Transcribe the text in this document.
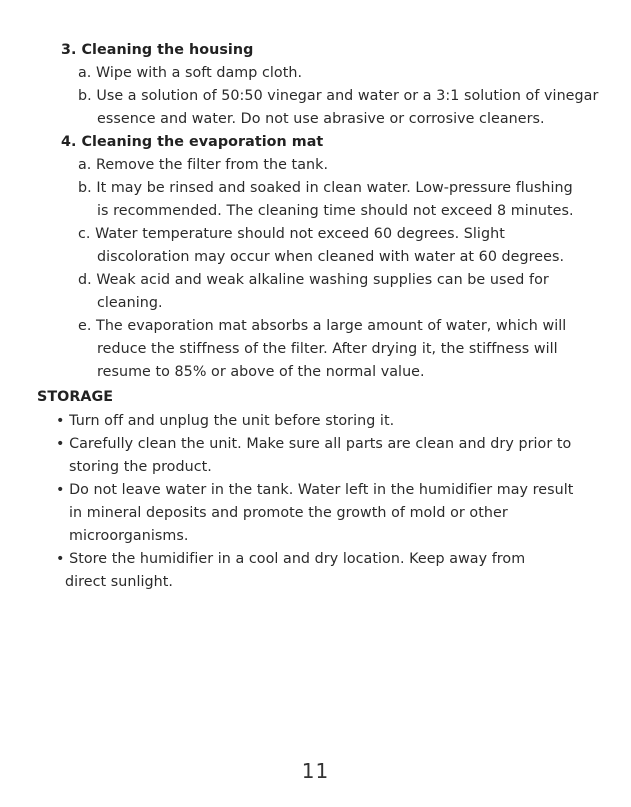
3. Cleaning the housing
a. Wipe with a soft damp cloth.
b. Use a solution of 50:50 vinegar and water or a 3:1 solution of vinegar
essence and water. Do not use abrasive or corrosive cleaners.
4. Cleaning the evaporation mat
a. Remove the filter from the tank.
b. It may be rinsed and soaked in clean water. Low-pressure flushing
is recommended. The cleaning time should not exceed 8 minutes.
c. Water temperature should not exceed 60 degrees. Slight
discoloration may occur when cleaned with water at 60 degrees.
d. Weak acid and weak alkaline washing supplies can be used for
cleaning.
e. The evaporation mat absorbs a large amount of water, which will
reduce the stiffness of the filter. After drying it, the stiffness will
resume to 85% or above of the normal value.
STORAGE
• Turn off and unplug the unit before storing it.
• Carefully clean the unit. Make sure all parts are clean and dry prior to
storing the product.
• Do not leave water in the tank. Water left in the humidifier may result
in mineral deposits and promote the growth of mold or other
microorganisms.
• Store the humidifier in a cool and dry location. Keep away from
direct sunlight.
11
